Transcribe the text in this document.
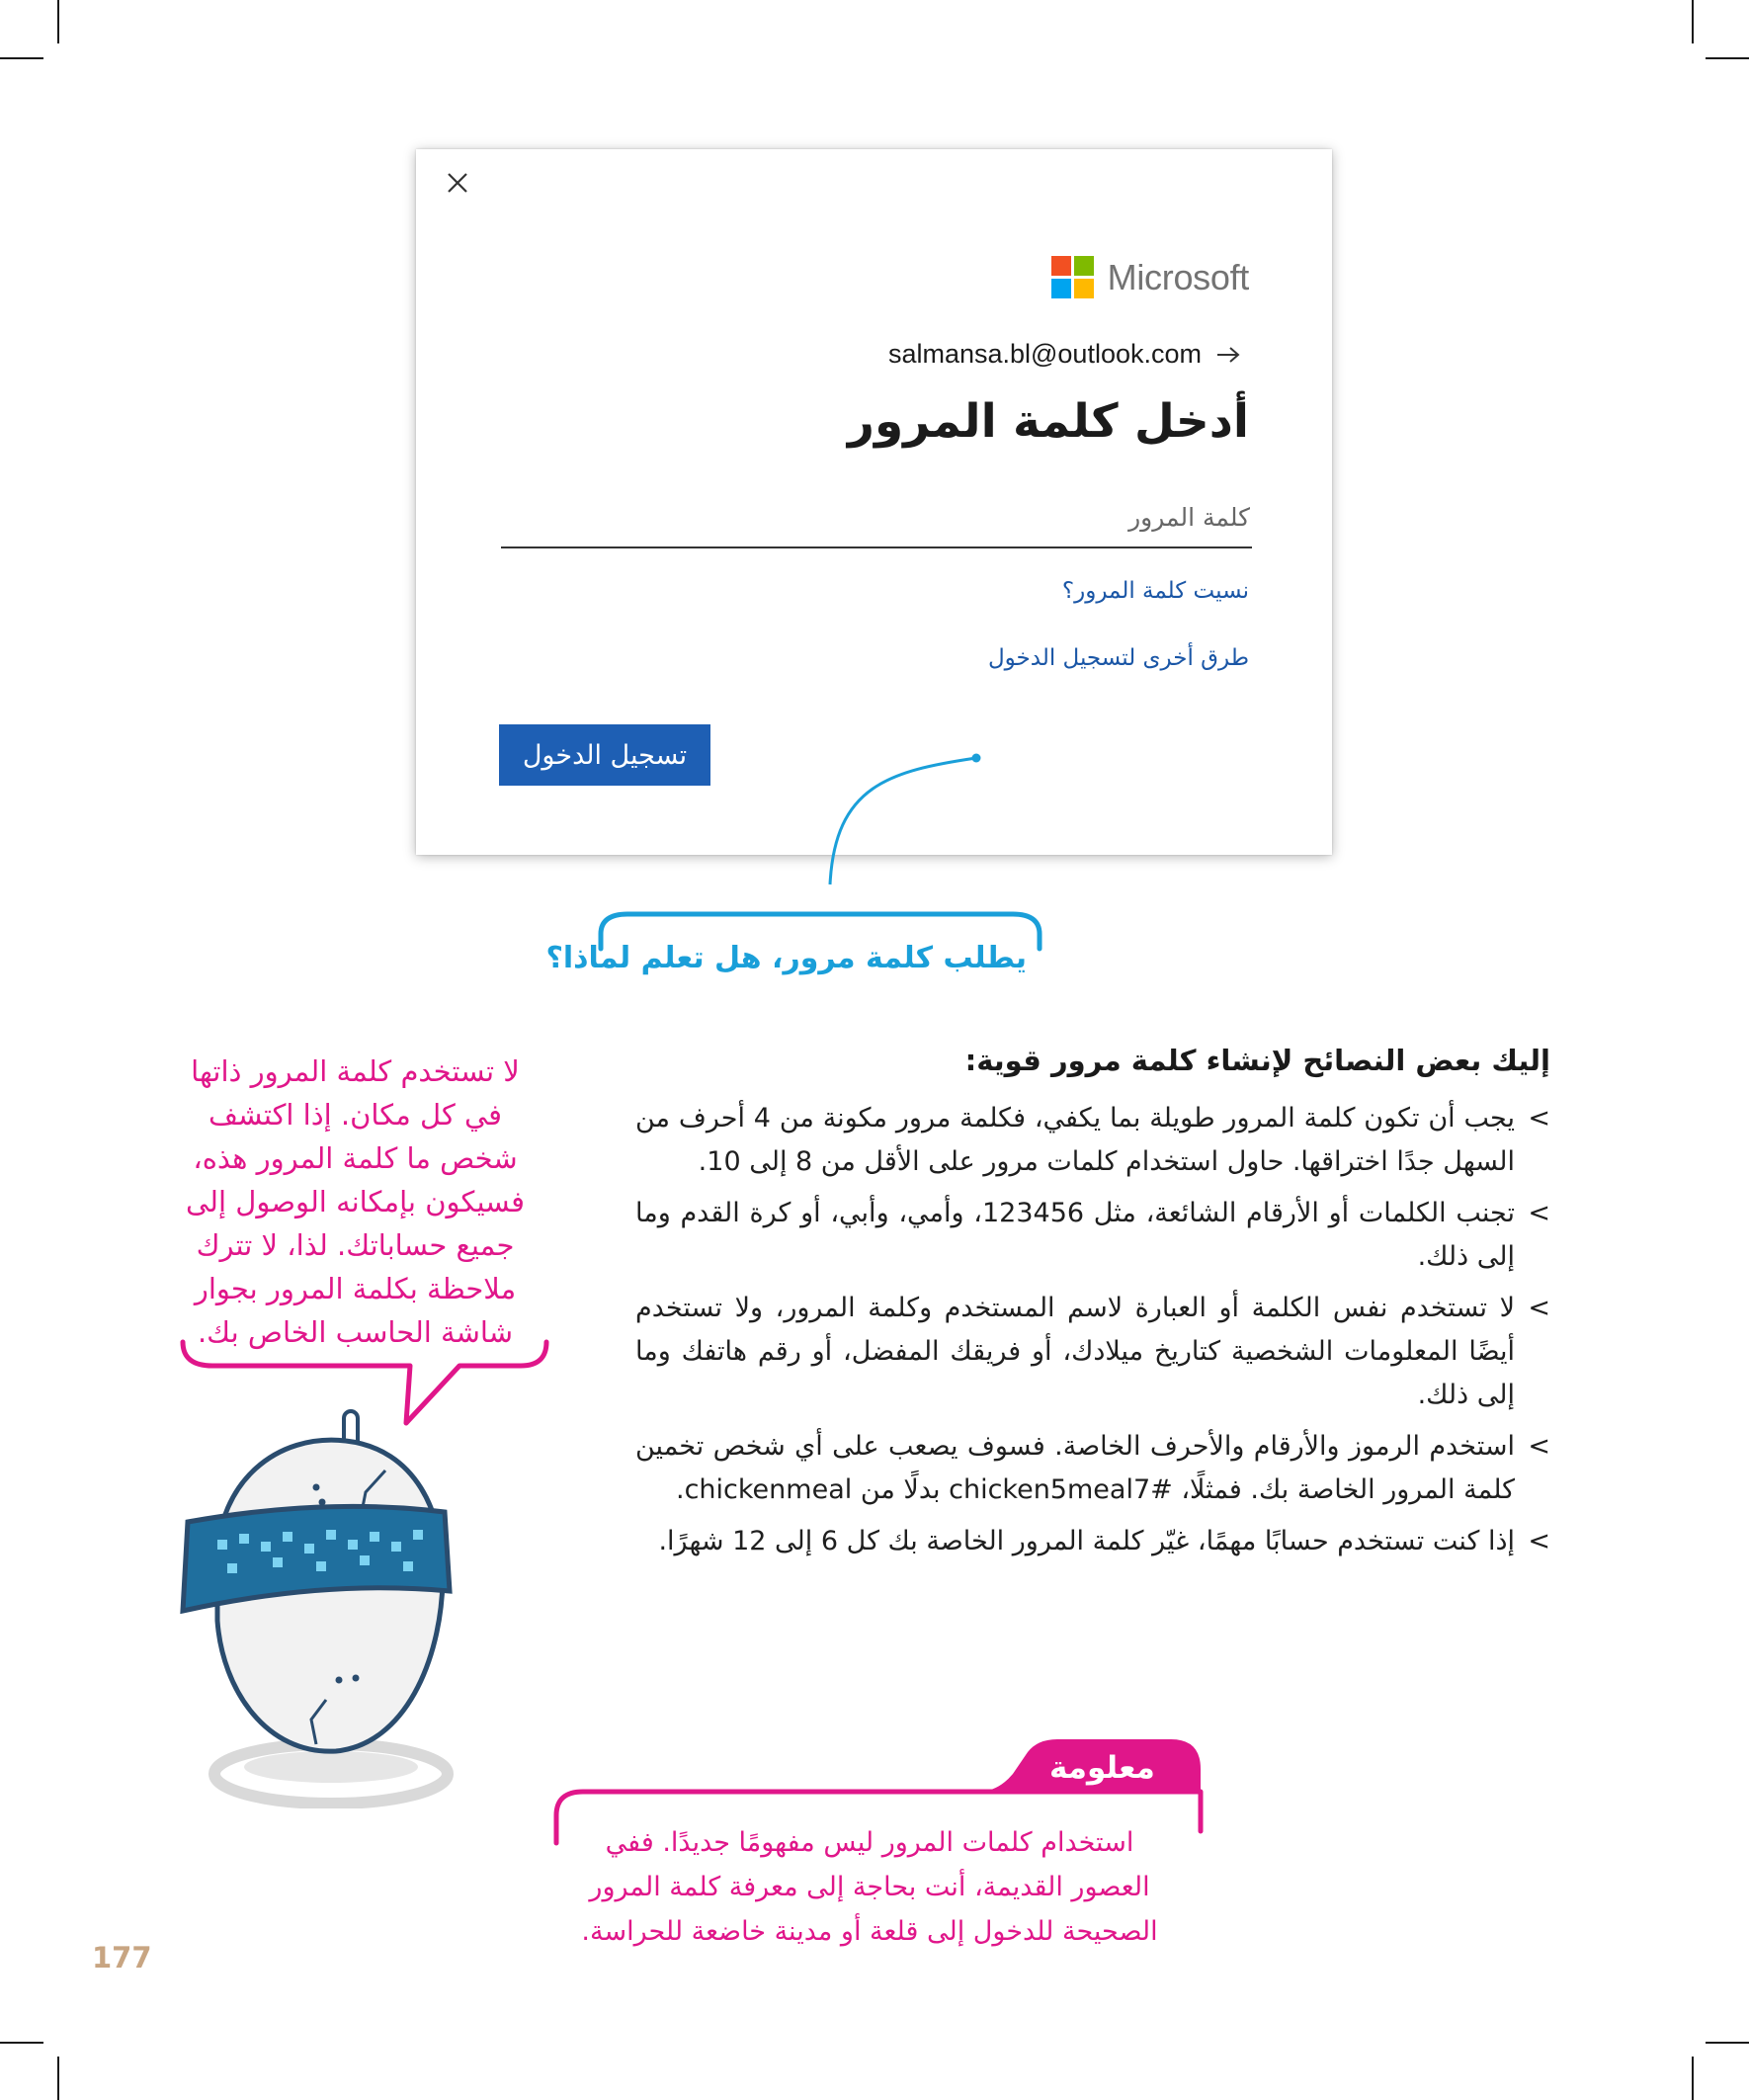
Microsoft
salmansa.bl@outlook.com
أدخل كلمة المرور
نسيت كلمة المرور؟
طرق أخرى لتسجيل الدخول
تسجيل الدخول
يطلب كلمة مرور، هل تعلم لماذا؟
إليك بعض النصائح لإنشاء كلمة مرور قوية:
>
يجب أن تكون كلمة المرور طويلة بما يكفي، فكلمة مرور مكونة من 4 أحرف من السهل جدًا اختراقها. حاول استخدام كلمات مرور على الأقل من 8 إلى 10.
>
تجنب الكلمات أو الأرقام الشائعة، مثل 123456، وأمي، وأبي، أو كرة القدم وما إلى ذلك.
>
لا تستخدم نفس الكلمة أو العبارة لاسم المستخدم وكلمة المرور، ولا تستخدم أيضًا المعلومات الشخصية كتاريخ ميلادك، أو فريقك المفضل، أو رقم هاتفك وما إلى ذلك.
>
استخدم الرموز والأرقام والأحرف الخاصة. فسوف يصعب على أي شخص تخمين كلمة المرور الخاصة بك. فمثلًا، #chicken5meal7 بدلًا من chickenmeal.
>
إذا كنت تستخدم حسابًا مهمًا، غيّر كلمة المرور الخاصة بك كل 6 إلى 12 شهرًا.
لا تستخدم كلمة المرور ذاتها في كل مكان. إذا اكتشف شخص ما كلمة المرور هذه، فسيكون بإمكانه الوصول إلى جميع حساباتك. لذا، لا تترك ملاحظة بكلمة المرور بجوار شاشة الحاسب الخاص بك.
معلومة
استخدام كلمات المرور ليس مفهومًا جديدًا. ففي العصور القديمة، أنت بحاجة إلى معرفة كلمة المرور الصحيحة للدخول إلى قلعة أو مدينة خاضعة للحراسة.
177
